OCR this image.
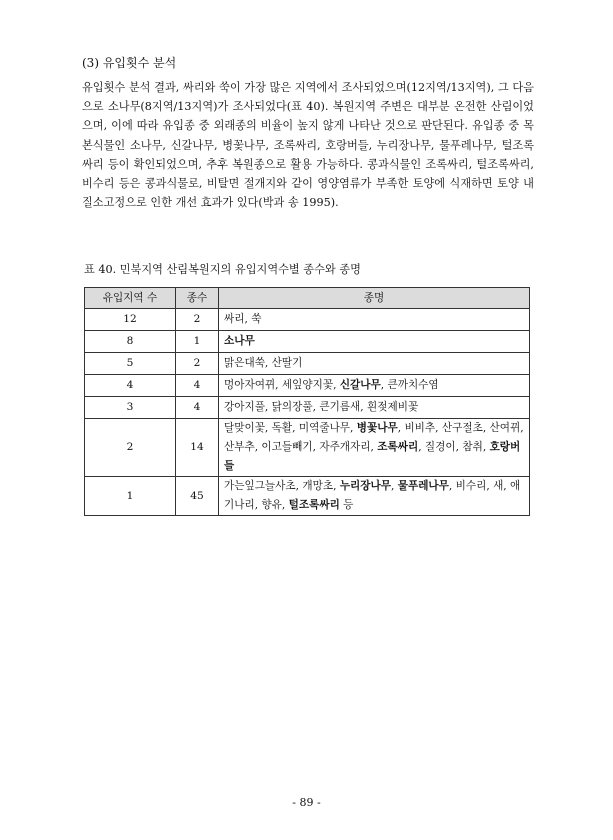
(3) 유입횟수 분석

유입횟수 분석 결과, 싸리와 쑥이 가장 많은 지역에서 조사되었으며(12지역/13지역), 그 다음으로 소나무(8지역/13지역)가 조사되었다(표 40). 복원지역 주변은 대부분 온전한 산림이었으며, 이에 따라 유입종 중 외래종의 비율이 높지 않게 나타난 것으로 판단된다. 유입종 중 목본식물인 소나무, 신갈나무, 병꽃나무, 조록싸리, 호랑버들, 누리장나무, 물푸레나무, 털조록 싸리 등이 확인되었으며, 추후 복원종으로 활용 가능하다. 콩과식물인 조록싸리, 털조록싸리, 비수리 등은 콩과식물로, 비탈면 절개지와 같이 영양염류가 부족한 토양에 식재하면 토양 내 질소고정으로 인한 개선 효과가 있다(박과 송 1995).

표 40. 민북지역 산림복원지의 유입지역수별 종수와 종명
유입지역 수	종수	종명
12	2	싸리, 쑥
8	1	소나무
5	2	맑은대쑥, 산딸기
4	4	멍아자여뀌, 세잎양지꽃, 신갈나무, 큰까치수염
3	4	강아지풀, 닭의장풀, 큰기름새, 흰젖제비꽃
2	14	달맞이꽃, 독활, 미역줄나무, 병꽃나무, 비비추, 산구절초, 산여뀌, 산부추, 이고들빼기, 자주개자리, 조록싸리, 질경이, 참취, 호랑버들
1	45	가는잎그늘사초, 개망초, 누리장나무, 물푸레나무, 비수리, 새, 애기나리, 향유, 털조록싸리 등
- 89 -
